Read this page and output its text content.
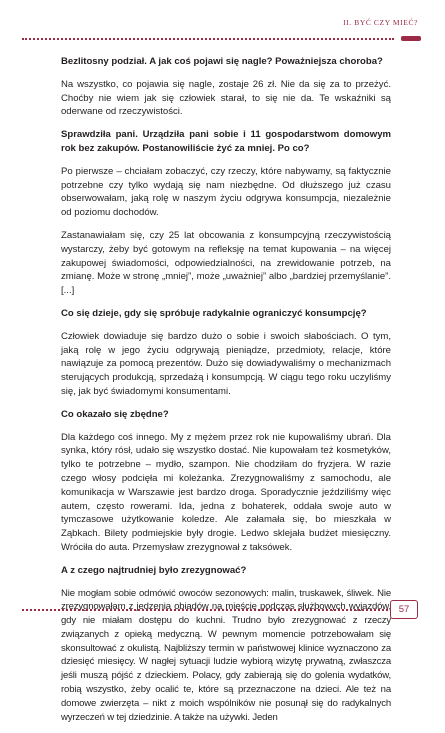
II. BYĆ CZY MIEĆ?

Bezlitosny podział. A jak coś pojawi się nagle? Poważniejsza choroba?

Na wszystko, co pojawia się nagle, zostaje 26 zł. Nie da się za to przeżyć. Choćby nie wiem jak się człowiek starał, to się nie da. Te wskaźniki są oderwane od rzeczywistości.

Sprawdziła pani. Urządziła pani sobie i 11 gospodarstwom domowym rok bez zakupów. Postanowiliście żyć za mniej. Po co?

Po pierwsze – chciałam zobaczyć, czy rzeczy, które nabywamy, są faktycznie potrzebne czy tylko wydają się nam niezbędne. Od dłuższego już czasu obserwowałam, jaką rolę w naszym życiu odgrywa konsumpcja, niezależnie od poziomu dochodów.

Zastanawiałam się, czy 25 lat obcowania z konsumpcyjną rzeczywistością wystarczy, żeby być gotowym na refleksję na temat kupowania – na więcej zakupowej świadomości, odpowiedzialności, na zrewidowanie potrzeb, na zmianę. Może w stronę „mniej”, może „uważniej” albo „bardziej przemyślanie”. [...]

Co się dzieje, gdy się spróbuje radykalnie ograniczyć konsumpcję?

Człowiek dowiaduje się bardzo dużo o sobie i swoich słabościach. O tym, jaką rolę w jego życiu odgrywają pieniądze, przedmioty, relacje, które nawiązuje za pomocą prezentów. Dużo się dowiadywaliśmy o mechanizmach sterujących produkcją, sprzedażą i konsumpcją. W ciągu tego roku uczyliśmy się, jak być świadomymi konsumentami.

Co okazało się zbędne?

Dla każdego coś innego. My z mężem przez rok nie kupowaliśmy ubrań. Dla synka, który rósł, udało się wszystko dostać. Nie kupowałam też kosmetyków, tylko te potrzebne – mydło, szampon. Nie chodziłam do fryzjera. W razie czego włosy podcięła mi koleżanka. Zrezygnowaliśmy z samochodu, ale komunikacja w Warszawie jest bardzo droga. Sporadycznie jeździliśmy więc autem, często rowerami. Ida, jedna z bohaterek, oddała swoje auto w tymczasowe użytkowanie koledze. Ale załamała się, bo mieszkała w Ząbkach. Bilety podmiejskie były drogie. Ledwo sklejała budżet miesięczny. Wróciła do auta. Przemysław zrezygnował z taksówek.

A z czego najtrudniej było zrezygnować?

Nie mogłam sobie odmówić owoców sezonowych: malin, truskawek, śliwek. Nie zrezygnowałam z jedzenia obiadów na mieście podczas służbowych wyjazdów, gdy nie miałam dostępu do kuchni. Trudno było zrezygnować z rzeczy związanych z opieką medyczną. W pewnym momencie potrzebowałam się skonsultować z okulistą. Najbliższy termin w państwowej klinice wyznaczono za dziesięć miesięcy. W nagłej sytuacji ludzie wybiorą wizytę prywatną, zwłaszcza jeśli muszą pójść z dzieckiem. Polacy, gdy zabierają się do golenia wydatków, robią wszystko, żeby ocalić te, które są przeznaczone na dzieci. Ale też na domowe zwierzęta – nikt z moich wspólników nie posunął się do radykalnych wyrzeczeń w tej dziedzinie. A także na używki. Jeden

57
